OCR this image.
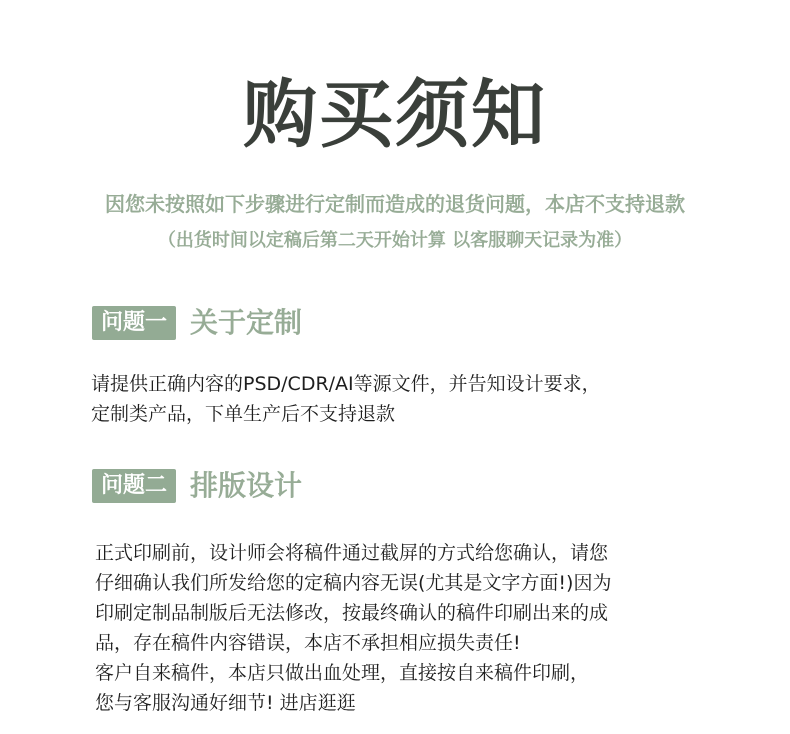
购买须知
因您未按照如下步骤进行定制而造成的退货问题，本店不支持退款
（出货时间以定稿后第二天开始计算 以客服聊天记录为准）
问题一 关于定制
请提供正确内容的PSD/CDR/AI等源文件，并告知设计要求，
定制类产品，下单生产后不支持退款
问题二 排版设计
正式印刷前，设计师会将稿件通过截屏的方式给您确认，请您
仔细确认我们所发给您的定稿内容无误(尤其是文字方面!)因为
印刷定制品制版后无法修改，按最终确认的稿件印刷出来的成
品，存在稿件内容错误，本店不承担相应损失责任!
客户自来稿件，本店只做出血处理，直接按自来稿件印刷，
您与客服沟通好细节! 进店逛逛
